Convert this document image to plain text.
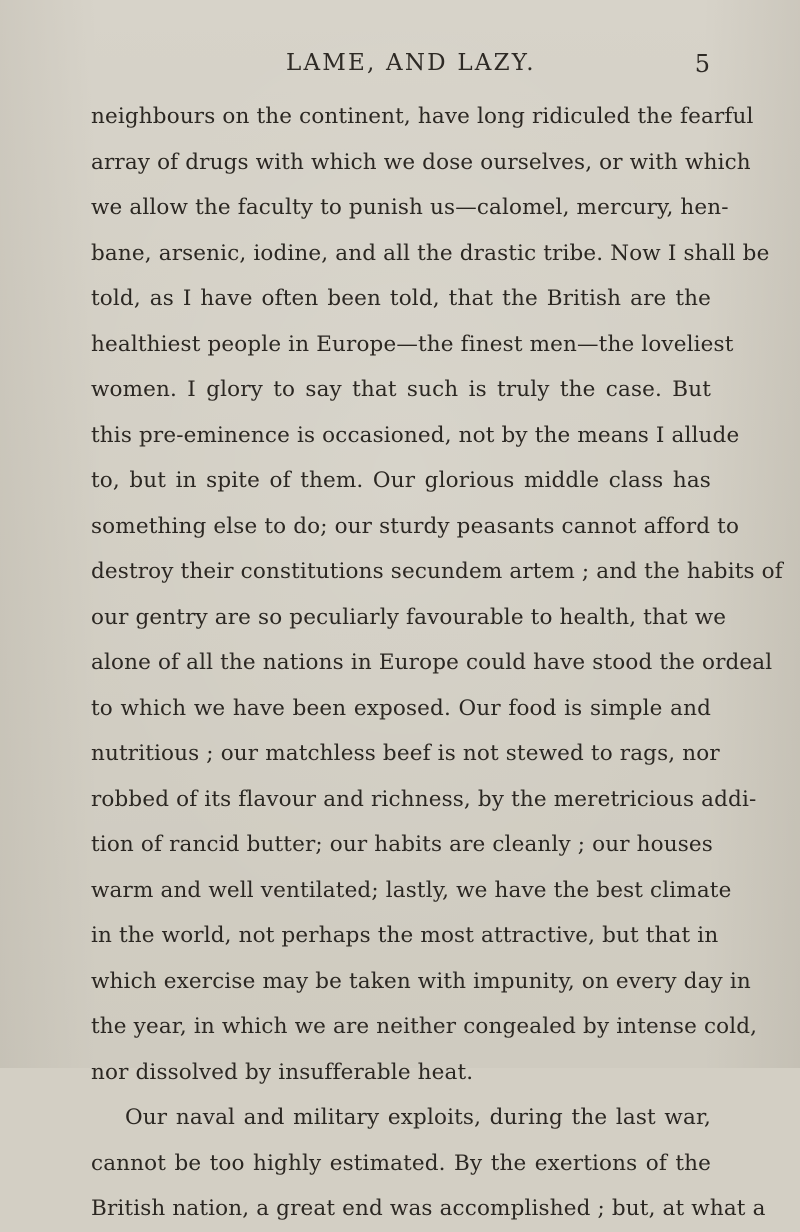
LAME, AND LAZY.	5
neighbours on the continent, have long ridiculed the fearful
array of drugs with which we dose ourselves, or with which
we allow the faculty to punish us—calomel, mercury, hen-
bane, arsenic, iodine, and all the drastic tribe. Now I shall be
told, as I have often been told, that the British are the
healthiest people in Europe—the finest men—the loveliest
women. I glory to say that such is truly the case. But
this pre-eminence is occasioned, not by the means I allude
to, but in spite of them. Our glorious middle class has
something else to do; our sturdy peasants cannot afford to
destroy their constitutions secundem artem ; and the habits of
our gentry are so peculiarly favourable to health, that we
alone of all the nations in Europe could have stood the ordeal
to which we have been exposed. Our food is simple and
nutritious ; our matchless beef is not stewed to rags, nor
robbed of its flavour and richness, by the meretricious addi-
tion of rancid butter; our habits are cleanly ; our houses
warm and well ventilated; lastly, we have the best climate
in the world, not perhaps the most attractive, but that in
which exercise may be taken with impunity, on every day in
the year, in which we are neither congealed by intense cold,
nor dissolved by insufferable heat.
Our naval and military exploits, during the last war,
cannot be too highly estimated. By the exertions of the
British nation, a great end was accomplished ; but, at what a
